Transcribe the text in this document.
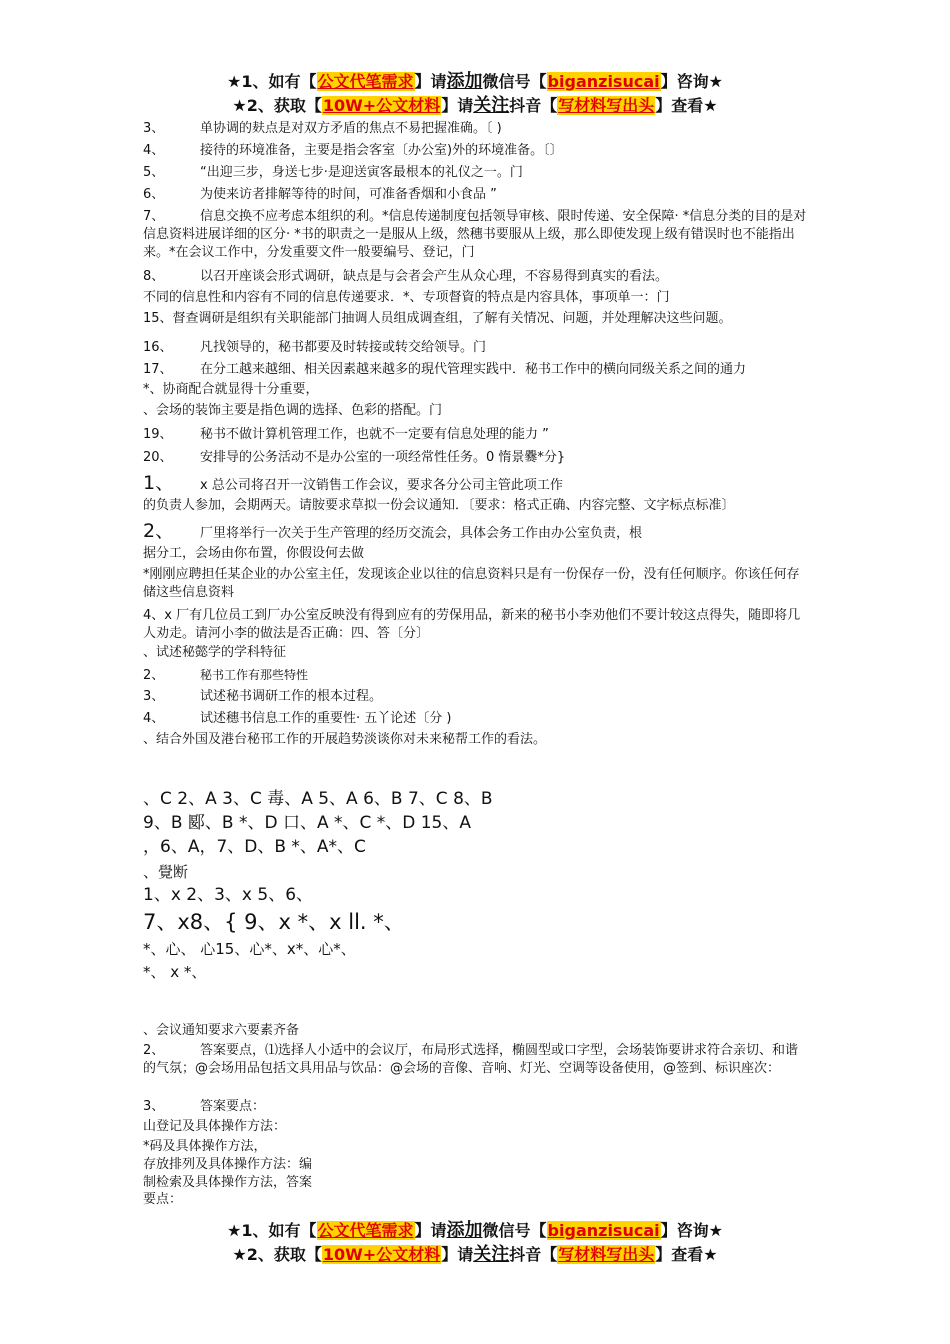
★1、如有【公文代笔需求】请添加微信号【biganzisucai】咨询★
★2、获取【10W+公文材料】请关注抖音【写材料写出头】查看★
3、	单协调的麸点是对双方矛盾的焦点不易把握准确。〔 )
4、	接待的环境准备，主要是指会客室〔办公室)外的环境准备。〔〕
5、	“出迎三步，身送七步·是迎送寅客最根本的礼仪之一。门
6、	为使来访者排解等待的时间，可准备香烟和小食品 ”
7、	信息交换不应考虑本组织的利。*信息传递制度包括领导审核、限时传递、安全保障· *信息分类的目的是对信息资料进展详细的区分· *书的职责之一是服从上级，然穗书要服从上级，那么即使发现上级有错误时也不能指出来。*在会议工作中，分发重要文件一般要编号、登记，门
8、	以召开座谈会形式调研，缺点是与会者会产生从众心理，不容易得到真实的看法。
不同的信息性和内容有不同的信息传递要求．*、专项督資的特点是内容具体，事项单一：门
15、督查调研是组织有关职能部门抽调人员组成调查组，了解有关情况、问题，并处理解决这些问题。
16、 凡找领导的，秘书都要及时转接或转交给领导。门
17、 在分工越来越细、相关因素越来越多的現代管理实践中．秘书工作中的横向同级关系之间的通力
*、协商配合就显得十分重要，
、会场的装饰主要是指色调的选择、色彩的搭配。门
19、 秘书不做计算机管理工作，也就不一定要有信息处理的能力 ”
20、 安排导的公务活动不是办公室的一项经常性任务。0 惰景爨*分}
1、 x 总公司将召开一汶销售工作会议，要求各分公司主管此项工作
的负责人参加，会期两天。请胺要求草拟一份会议通知．〔要求：格式正确、内容完整、文字标点标准〕
2、 厂里将举行一次关于生产管理的经历交流会，具体会务工作由办公室负责，根
据分工，会场由你布置，你假设何去做
*刚刚应聘担任某企业的办公室主任，发现该企业以往的信息资料只是有一份保存一份，没有任何顺序。你该任何存储这些信息资料
4、x 厂有几位员工到厂办公室反映没有得到应有的劳保用品，新来的秘书小李劝他们不要计较这点得失，随即将几人劝走。请河小李的做法是否正确：四、答〔分〕
、试述秘懿学的学科特征
2、	秘书工作有那些特性
3、	试述秘书调研工作的根本过程。
4、	试述穗书信息工作的重要性· 五丫论述〔分 )
、结合外国及港台秘邗工作的开展趋势淡谈你对未来秘帮工作的看法。
、C 2、A 3、C 毒、A 5、A 6、B 7、C 8、B
9、B 郾、B *、D 口、A *、C *、D 15、A
，6、A，7、D、B *、A*、C
、覺断
1、x 2、3、x 5、6、
7、x8、{ 9、x *、x ll. *、
*、心、 心15、心*、x*、心*、
*、 x *、
、会议通知要求六要素齐备
2、	答案要点，⑴选择人小适中的会议厅，布局形式选择，椭圆型或口字型，会场装饰要讲求符合亲切、和谐的气氛；@会场用品包括文具用品与饮品：@会场的音像、音响、灯光、空调等设备使用，@签到、标识座次：
3、	答案要点：
山登记及具体操作方法：
*码及具体操作方法，
存放排列及具体操作方法：编
制检索及具体操作方法，答案
要点：
★1、如有【公文代笔需求】请添加微信号【biganzisucai】咨询★
★2、获取【10W+公文材料】请关注抖音【写材料写出头】查看★
